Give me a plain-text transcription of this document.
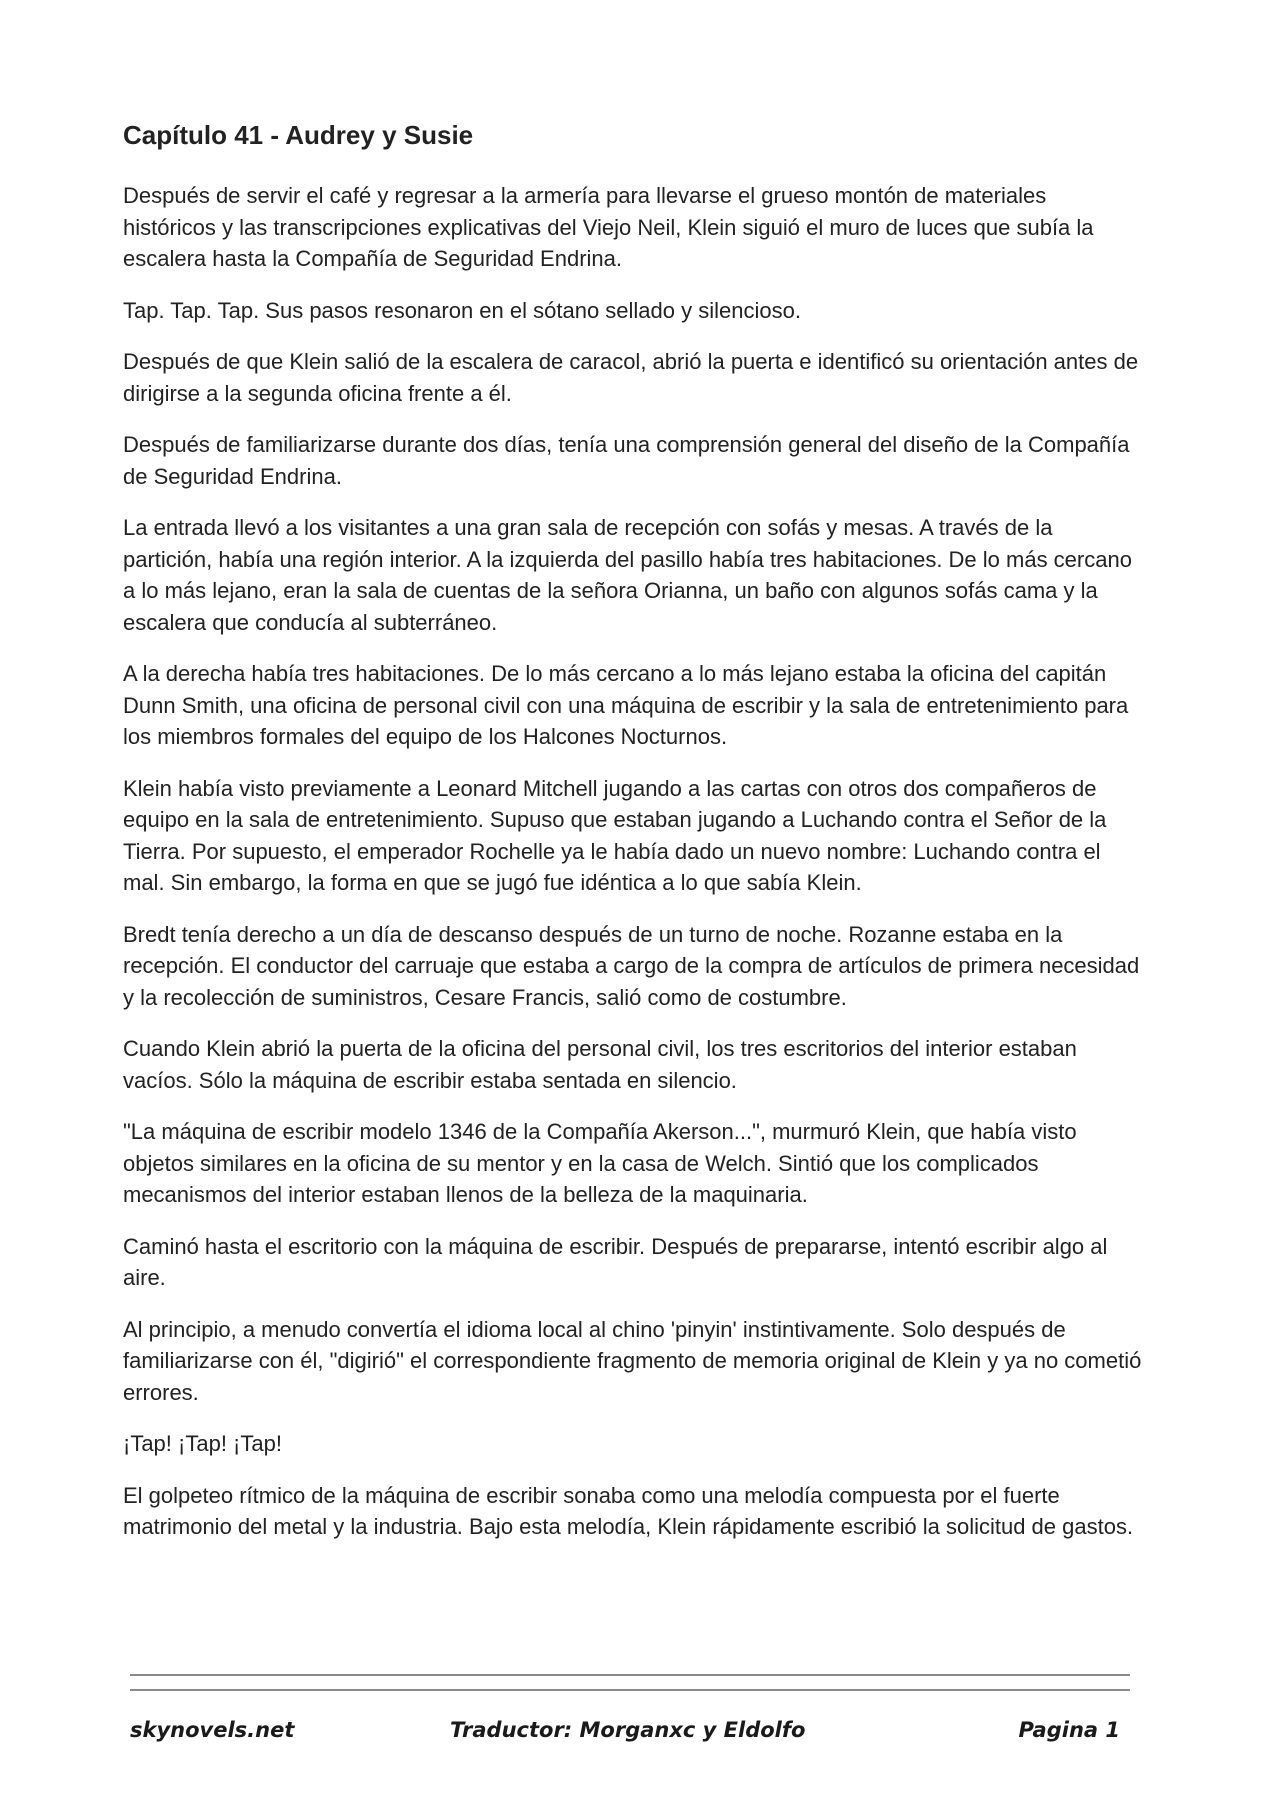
Capítulo 41 - Audrey y Susie

Después de servir el café y regresar a la armería para llevarse el grueso montón de materiales históricos y las transcripciones explicativas del Viejo Neil, Klein siguió el muro de luces que subía la escalera hasta la Compañía de Seguridad Endrina.

Tap. Tap. Tap. Sus pasos resonaron en el sótano sellado y silencioso.

Después de que Klein salió de la escalera de caracol, abrió la puerta e identificó su orientación antes de dirigirse a la segunda oficina frente a él.

Después de familiarizarse durante dos días, tenía una comprensión general del diseño de la Compañía de Seguridad Endrina.

La entrada llevó a los visitantes a una gran sala de recepción con sofás y mesas. A través de la partición, había una región interior. A la izquierda del pasillo había tres habitaciones. De lo más cercano a lo más lejano, eran la sala de cuentas de la señora Orianna, un baño con algunos sofás cama y la escalera que conducía al subterráneo.

A la derecha había tres habitaciones. De lo más cercano a lo más lejano estaba la oficina del capitán Dunn Smith, una oficina de personal civil con una máquina de escribir y la sala de entretenimiento para los miembros formales del equipo de los Halcones Nocturnos.

Klein había visto previamente a Leonard Mitchell jugando a las cartas con otros dos compañeros de equipo en la sala de entretenimiento. Supuso que estaban jugando a Luchando contra el Señor de la Tierra. Por supuesto, el emperador Rochelle ya le había dado un nuevo nombre: Luchando contra el mal. Sin embargo, la forma en que se jugó fue idéntica a lo que sabía Klein.

Bredt tenía derecho a un día de descanso después de un turno de noche. Rozanne estaba en la recepción. El conductor del carruaje que estaba a cargo de la compra de artículos de primera necesidad y la recolección de suministros, Cesare Francis, salió como de costumbre.

Cuando Klein abrió la puerta de la oficina del personal civil, los tres escritorios del interior estaban vacíos. Sólo la máquina de escribir estaba sentada en silencio.

"La máquina de escribir modelo 1346 de la Compañía Akerson...", murmuró Klein, que había visto objetos similares en la oficina de su mentor y en la casa de Welch. Sintió que los complicados mecanismos del interior estaban llenos de la belleza de la maquinaria.

Caminó hasta el escritorio con la máquina de escribir. Después de prepararse, intentó escribir algo al aire.

Al principio, a menudo convertía el idioma local al chino 'pinyin' instintivamente. Solo después de familiarizarse con él, "digirió" el correspondiente fragmento de memoria original de Klein y ya no cometió errores.

¡Tap! ¡Tap! ¡Tap!

El golpeteo rítmico de la máquina de escribir sonaba como una melodía compuesta por el fuerte matrimonio del metal y la industria. Bajo esta melodía, Klein rápidamente escribió la solicitud de gastos.

skynovels.net	Traductor: Morganxc y Eldolfo	Pagina 1
